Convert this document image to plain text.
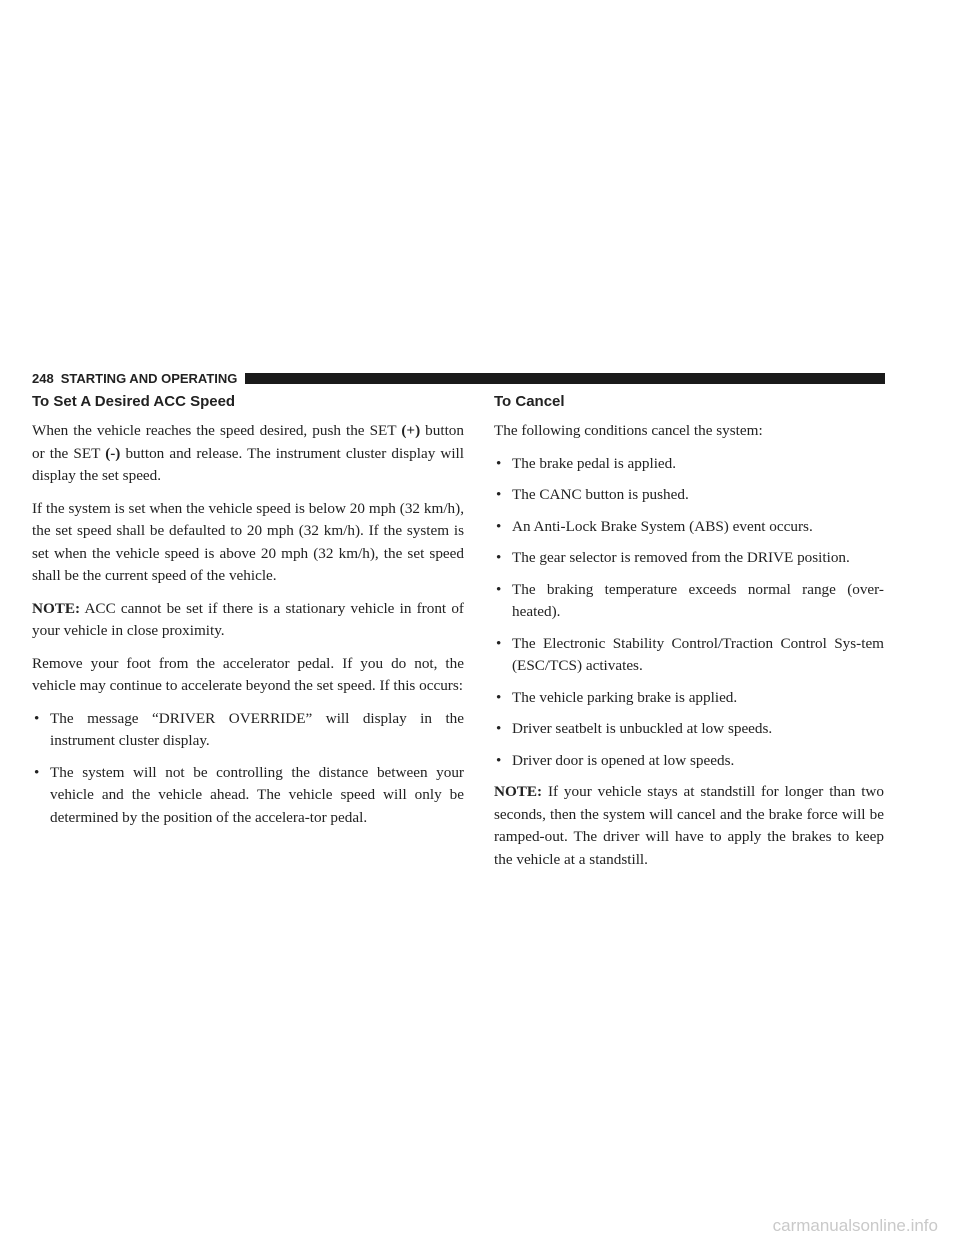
248 STARTING AND OPERATING
To Set A Desired ACC Speed

When the vehicle reaches the speed desired, push the SET (+) button or the SET (-) button and release. The instrument cluster display will display the set speed.

If the system is set when the vehicle speed is below 20 mph (32 km/h), the set speed shall be defaulted to 20 mph (32 km/h). If the system is set when the vehicle speed is above 20 mph (32 km/h), the set speed shall be the current speed of the vehicle.

NOTE: ACC cannot be set if there is a stationary vehicle in front of your vehicle in close proximity.

Remove your foot from the accelerator pedal. If you do not, the vehicle may continue to accelerate beyond the set speed. If this occurs:

• The message “DRIVER OVERRIDE” will display in the instrument cluster display.
• The system will not be controlling the distance between your vehicle and the vehicle ahead. The vehicle speed will only be determined by the position of the accelera-tor pedal.
To Cancel

The following conditions cancel the system:

• The brake pedal is applied.
• The CANC button is pushed.
• An Anti-Lock Brake System (ABS) event occurs.
• The gear selector is removed from the DRIVE position.
• The braking temperature exceeds normal range (over-heated).
• The Electronic Stability Control/Traction Control Sys-tem (ESC/TCS) activates.
• The vehicle parking brake is applied.
• Driver seatbelt is unbuckled at low speeds.
• Driver door is opened at low speeds.

NOTE: If your vehicle stays at standstill for longer than two seconds, then the system will cancel and the brake force will be ramped-out. The driver will have to apply the brakes to keep the vehicle at a standstill.

carmanualsonline.info
